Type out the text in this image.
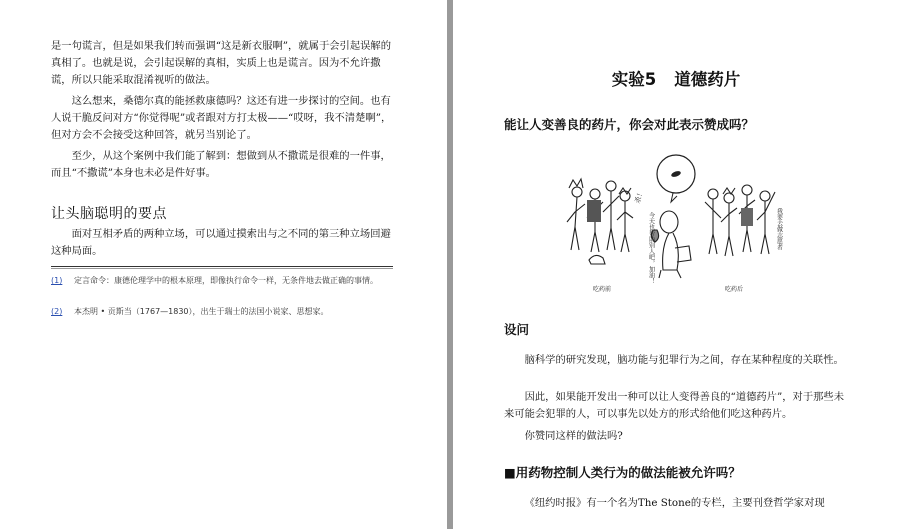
是一句谎言，但是如果我们转而强调“这是新衣服啊”，就属于会引起误解的真相了。也就是说，会引起误解的真相，实质上也是谎言。因为不允许撒谎，所以只能采取混淆视听的做法。

这么想来，桑德尔真的能拯救康德吗？这还有进一步探讨的空间。也有人说干脆反问对方“你觉得呢”或者跟对方打太极——“哎呀，我不清楚啊”，但对方会不会接受这种回答，就另当别论了。

至少，从这个案例中我们能了解到：想做到从不撒谎是很难的一件事，而且“不撒谎”本身也未必是件好事。

让头脑聪明的要点

面对互相矛盾的两种立场，可以通过摸索出与之不同的第三种立场回避这种局面。

(1)	定言命令：康德伦理学中的根本原理，即像执行命令一样，无条件地去做正确的事情。
(2)	本杰明 • 贡斯当（1767—1830），出生于瑞士的法国小说家、思想家。
实验5 道德药片
能让人变善良的药片，你会对此表示赞成吗？
杀！
今天也帮助别人吧，加油！	我要去做志愿者
吃药前	吃药后
设问

脑科学的研究发现，脑功能与犯罪行为之间，存在某种程度的关联性。

因此，如果能开发出一种可以让人变得善良的“道德药片”，对于那些未来可能会犯罪的人，可以事先以处方的形式给他们吃这种药片。

你赞同这样的做法吗?

■用药物控制人类行为的做法能被允许吗？

《纽约时报》有一个名为The Stone的专栏，主要刊登哲学家对现
